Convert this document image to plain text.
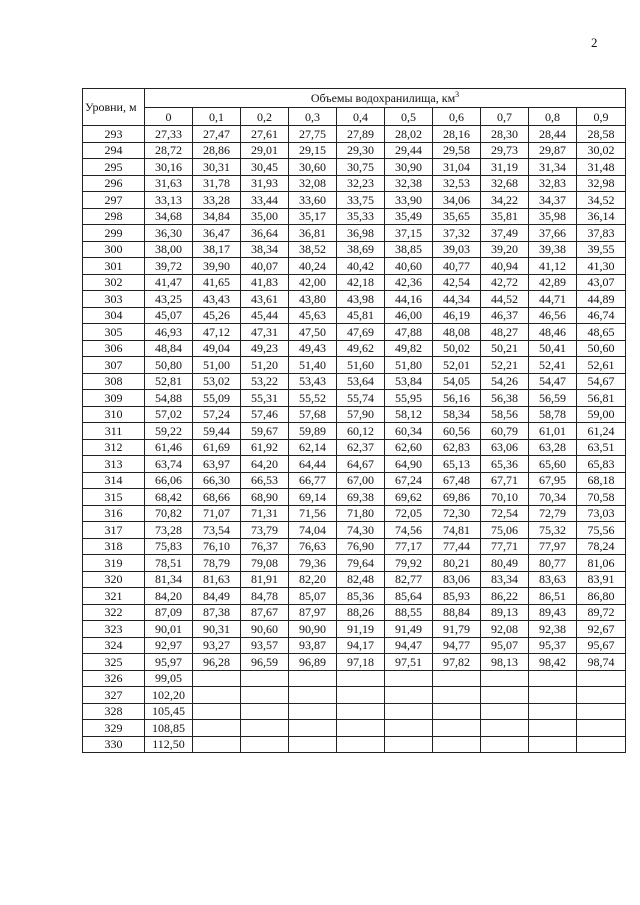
2
Уровни, м	Объемы водохранилища, $км^3$
	0	0,1	0,2	0,3	0,4	0,5	0,6	0,7	0,8	0,9
293	27,33	27,47	27,61	27,75	27,89	28,02	28,16	28,30	28,44	28,58
294	28,72	28,86	29,01	29,15	29,30	29,44	29,58	29,73	29,87	30,02
295	30,16	30,31	30,45	30,60	30,75	30,90	31,04	31,19	31,34	31,48
296	31,63	31,78	31,93	32,08	32,23	32,38	32,53	32,68	32,83	32,98
297	33,13	33,28	33,44	33,60	33,75	33,90	34,06	34,22	34,37	34,52
298	34,68	34,84	35,00	35,17	35,33	35,49	35,65	35,81	35,98	36,14
299	36,30	36,47	36,64	36,81	36,98	37,15	37,32	37,49	37,66	37,83
300	38,00	38,17	38,34	38,52	38,69	38,85	39,03	39,20	39,38	39,55
301	39,72	39,90	40,07	40,24	40,42	40,60	40,77	40,94	41,12	41,30
302	41,47	41,65	41,83	42,00	42,18	42,36	42,54	42,72	42,89	43,07
303	43,25	43,43	43,61	43,80	43,98	44,16	44,34	44,52	44,71	44,89
304	45,07	45,26	45,44	45,63	45,81	46,00	46,19	46,37	46,56	46,74
305	46,93	47,12	47,31	47,50	47,69	47,88	48,08	48,27	48,46	48,65
306	48,84	49,04	49,23	49,43	49,62	49,82	50,02	50,21	50,41	50,60
307	50,80	51,00	51,20	51,40	51,60	51,80	52,01	52,21	52,41	52,61
308	52,81	53,02	53,22	53,43	53,64	53,84	54,05	54,26	54,47	54,67
309	54,88	55,09	55,31	55,52	55,74	55,95	56,16	56,38	56,59	56,81
310	57,02	57,24	57,46	57,68	57,90	58,12	58,34	58,56	58,78	59,00
311	59,22	59,44	59,67	59,89	60,12	60,34	60,56	60,79	61,01	61,24
312	61,46	61,69	61,92	62,14	62,37	62,60	62,83	63,06	63,28	63,51
313	63,74	63,97	64,20	64,44	64,67	64,90	65,13	65,36	65,60	65,83
314	66,06	66,30	66,53	66,77	67,00	67,24	67,48	67,71	67,95	68,18
315	68,42	68,66	68,90	69,14	69,38	69,62	69,86	70,10	70,34	70,58
316	70,82	71,07	71,31	71,56	71,80	72,05	72,30	72,54	72,79	73,03
317	73,28	73,54	73,79	74,04	74,30	74,56	74,81	75,06	75,32	75,56
318	75,83	76,10	76,37	76,63	76,90	77,17	77,44	77,71	77,97	78,24
319	78,51	78,79	79,08	79,36	79,64	79,92	80,21	80,49	80,77	81,06
320	81,34	81,63	81,91	82,20	82,48	82,77	83,06	83,34	83,63	83,91
321	84,20	84,49	84,78	85,07	85,36	85,64	85,93	86,22	86,51	86,80
322	87,09	87,38	87,67	87,97	88,26	88,55	88,84	89,13	89,43	89,72
323	90,01	90,31	90,60	90,90	91,19	91,49	91,79	92,08	92,38	92,67
324	92,97	93,27	93,57	93,87	94,17	94,47	94,77	95,07	95,37	95,67
325	95,97	96,28	96,59	96,89	97,18	97,51	97,82	98,13	98,42	98,74
326	99,05									
327	102,20									
328	105,45									
329	108,85									
330	112,50									
